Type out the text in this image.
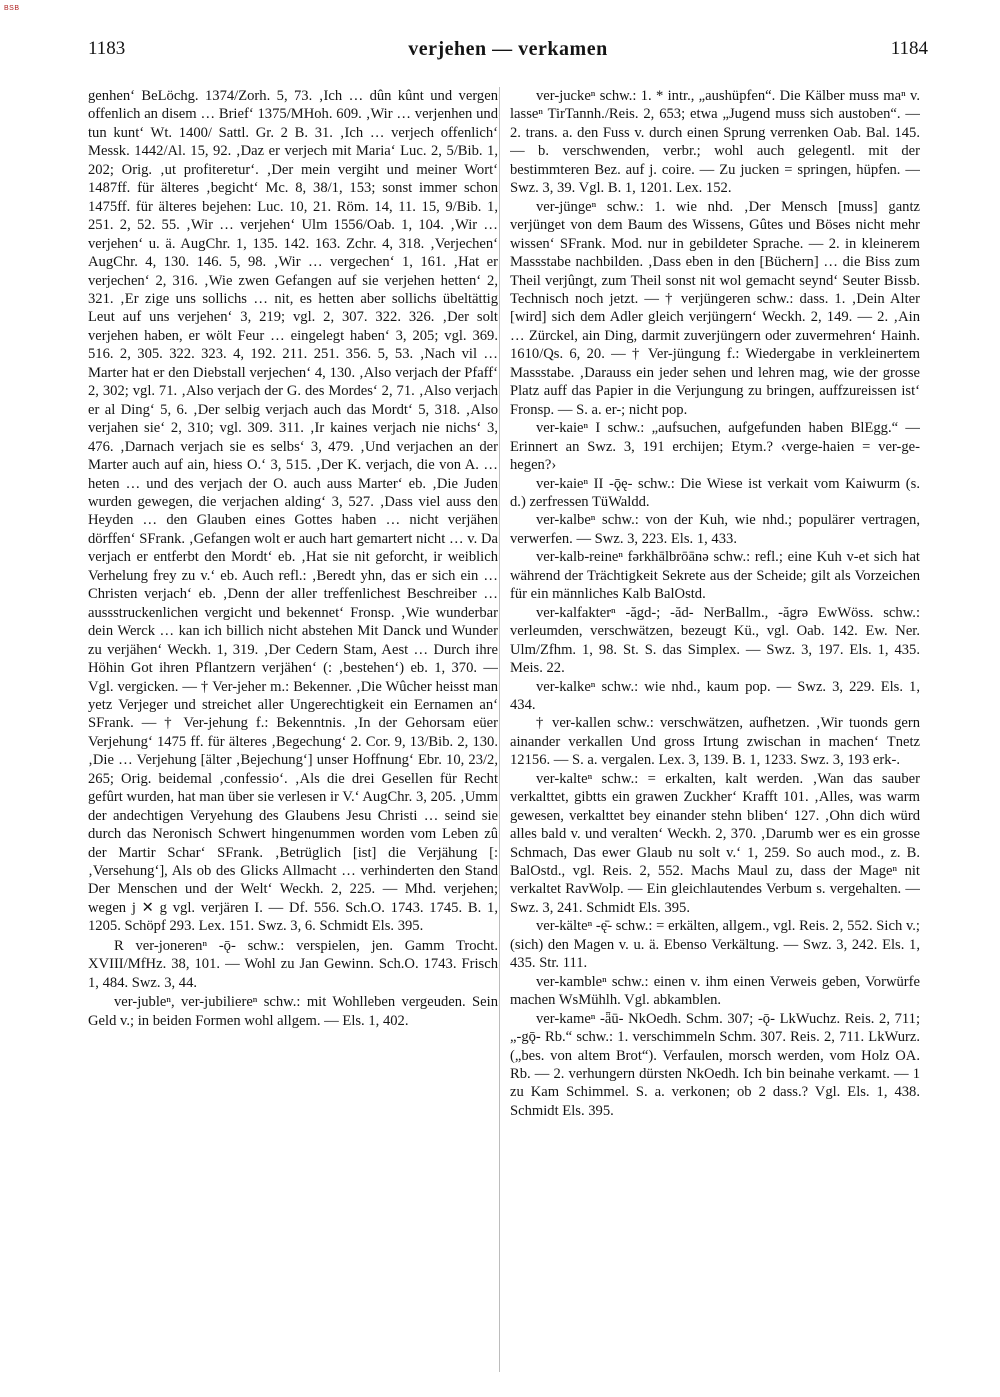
BSB
1183	verjehen — verkamen	1184

genhen‘ BeLöchg. 1374/Zorh. 5, 73. ‚Ich … dûn kûnt und vergen offenlich an disem … Brief‘ 1375/MHoh. 609. ‚Wir … verjenhen und tun kunt‘ Wt. 1400/ Sattl. Gr. 2 B. 31. ‚Ich … verjech offenlich‘ Messk. 1442/Al. 15, 92. ‚Daz er verjech mit Maria‘ Luc. 2, 5/Bib. 1, 202; Orig. ‚ut profiteretur‘. ‚Der mein vergiht und meiner Wort‘ 1487ff. für älteres ‚begicht‘ Mc. 8, 38/1, 153; sonst immer schon 1475ff. für älteres bejehen: Luc. 10, 21. Röm. 14, 11. 15, 9/Bib. 1, 251. 2, 52. 55. ‚Wir … verjehen‘ Ulm 1556/Oab. 1, 104. ‚Wir … verjehen‘ u. ä. AugChr. 1, 135. 142. 163. Zchr. 4, 318. ‚Verjechen‘ AugChr. 4, 130. 146. 5, 98. ‚Wir … vergechen‘ 1, 161. ‚Hat er verjechen‘ 2, 316. ‚Wie zwen Gefangen auf sie verjehen hetten‘ 2, 321. ‚Er zige uns sollichs … nit, es hetten aber sollichs übeltättig Leut auf uns verjehen‘ 3, 219; vgl. 2, 307. 322. 326. ‚Der solt verjehen haben, er wölt Feur … eingelegt haben‘ 3, 205; vgl. 369. 516. 2, 305. 322. 323. 4, 192. 211. 251. 356. 5, 53. ‚Nach vil … Marter hat er den Diebstall verjechen‘ 4, 130. ‚Also verjach der Pfaff‘ 2, 302; vgl. 71. ‚Also verjach der G. des Mordes‘ 2, 71. ‚Also verjach er al Ding‘ 5, 6. ‚Der selbig verjach auch das Mordt‘ 5, 318. ‚Also verjahen sie‘ 2, 310; vgl. 309. 311. ‚Ir kaines verjach nie nichs‘ 3, 476. ‚Darnach verjach sie es selbs‘ 3, 479. ‚Und verjachen an der Marter auch auf ain, hiess O.‘ 3, 515. ‚Der K. verjach, die von A. … heten … und des verjach der O. auch auss Marter‘ eb. ‚Die Juden wurden gewegen, die verjachen alding‘ 3, 527. ‚Dass viel auss den Heyden … den Glauben eines Gottes haben … nicht verjähen dörffen‘ SFrank. ‚Gefangen wolt er auch hart gemartert nicht … v. Da verjach er entferbt den Mordt‘ eb. ‚Hat sie nit geforcht, ir weiblich Verhelung frey zu v.‘ eb. Auch refl.: ‚Beredt yhn, das er sich ein … Christen verjach‘ eb. ‚Denn der aller treffenlichest Beschreiber … aussstruckenlichen vergicht und bekennet‘ Fronsp. ‚Wie wunderbar dein Werck … kan ich billich nicht abstehen Mit Danck und Wunder zu verjähen‘ Weckh. 1, 319. ‚Der Cedern Stam, Aest … Durch ihre Höhin Got ihren Pflantzern verjähen‘ (: ‚bestehen‘) eb. 1, 370. — Vgl. vergicken. — † Ver-jeher m.: Bekenner. ‚Die Wûcher heisst man yetz Verjeger und streichet aller Ungerechtigkeit ein Eernamen an‘ SFrank. — † Ver-jehung f.: Bekenntnis. ‚In der Gehorsam eüer Verjehung‘ 1475 ff. für älteres ‚Begechung‘ 2. Cor. 9, 13/Bib. 2, 130. ‚Die … Verjehung [älter ‚Bejechung‘] unser Hoffnung‘ Ebr. 10, 23/2, 265; Orig. beidemal ‚confessio‘. ‚Als die drei Gesellen für Recht gefûrt wurden, hat man über sie verlesen ir V.‘ AugChr. 3, 205. ‚Umm der andechtigen Veryehung des Glaubens Jesu Christi … seind sie durch das Neronisch Schwert hingenummen worden vom Leben zû der Martir Schar‘ SFrank. ‚Betrüglich [ist] die Verjähung [: ‚Versehung‘], Als ob des Glicks Allmacht … verhinderten den Stand Der Menschen und der Welt‘ Weckh. 2, 225. — Mhd. verjehen; wegen j ✕ g vgl. verjären I. — Df. 556. Sch.O. 1743. 1745. B. 1, 1205. Schöpf 293. Lex. 151. Swz. 3, 6. Schmidt Els. 395.

R ver-jonerenⁿ -ǭ- schw.: verspielen, jen. Gamm Trocht. XVIII/MfHz. 38, 101. — Wohl zu Jan Gewinn. Sch.O. 1743. Frisch 1, 484. Swz. 3, 44.

ver-jubleⁿ, ver-jubiliereⁿ schw.: mit Wohlleben vergeuden. Sein Geld v.; in beiden Formen wohl allgem. — Els. 1, 402.

ver-juckeⁿ schw.: 1. * intr., „aushüpfen“. Die Kälber muss maⁿ v. lasseⁿ TirTannh./Reis. 2, 653; etwa „Jugend muss sich austoben“. — 2. trans. a. den Fuss v. durch einen Sprung verrenken Oab. Bal. 145. — b. verschwenden, verbr.; wohl auch gelegentl. mit der bestimmteren Bez. auf j. coire. — Zu jucken = springen, hüpfen. — Swz. 3, 39. Vgl. B. 1, 1201. Lex. 152.

ver-jüngeⁿ schw.: 1. wie nhd. ‚Der Mensch [muss] gantz verjünget von dem Baum des Wissens, Gûtes und Böses nicht mehr wissen‘ SFrank. Mod. nur in gebildeter Sprache. — 2. in kleinerem Massstabe nachbilden. ‚Dass eben in den [Büchern] … die Biss zum Theil verjûngt, zum Theil sonst nit wol gemacht seynd‘ Seuter Bissb. Technisch noch jetzt. — † verjüngeren schw.: dass. 1. ‚Dein Alter [wird] sich dem Adler gleich verjüngern‘ Weckh. 2, 149. — 2. ‚Ain … Zürckel, ain Ding, darmit zuverjüngern oder zuvermehren‘ Hainh. 1610/Qs. 6, 20. — † Ver-jüngung f.: Wiedergabe in verkleinertem Massstabe. ‚Darauss ein jeder sehen und lehren mag, wie der grosse Platz auff das Papier in die Verjungung zu bringen, auffzureissen ist‘ Fronsp. — S. a. er-; nicht pop.

ver-kaieⁿ I schw.: „aufsuchen, aufgefunden haben BlEgg.“ — Erinnert an Swz. 3, 191 erchijen; Etym.? ‹verge-haien = ver-ge-hegen?›

ver-kaieⁿ II -ǭę- schw.: Die Wiese ist verkait vom Kaiwurm (s. d.) zerfressen TüWaldd.

ver-kalbeⁿ schw.: von der Kuh, wie nhd.; populärer vertragen, verwerfen. — Swz. 3, 223. Els. 1, 433.

ver-kalb-reineⁿ fərkhālbrōānə schw.: refl.; eine Kuh v-et sich hat während der Trächtigkeit Sekrete aus der Scheide; gilt als Vorzeichen für ein männliches Kalb BalOstd.

ver-kalfakterⁿ -ăgd-; -ăd- NerBallm., -ăgrə EwWöss. schw.: verleumden, verschwätzen, bezeugt Kü., vgl. Oab. 142. Ew. Ner. Ulm/Zfhm. 1, 98. St. S. das Simplex. — Swz. 3, 197. Els. 1, 435. Meis. 22.

ver-kalkeⁿ schw.: wie nhd., kaum pop. — Swz. 3, 229. Els. 1, 434.

† ver-kallen schw.: verschwätzen, aufhetzen. ‚Wir tuonds gern ainander verkallen Und gross Irtung zwischan in machen‘ Tnetz 12156. — S. a. vergalen. Lex. 3, 139. B. 1, 1233. Swz. 3, 193 erk-.

ver-kalteⁿ schw.: = erkalten, kalt werden. ‚Wan das sauber verkalttet, gibtts ein grawen Zuckher‘ Krafft 101. ‚Alles, was warm gewesen, verkalttet bey einander stehn bliben‘ 127. ‚Ohn dich würd alles bald v. und veralten‘ Weckh. 2, 370. ‚Darumb wer es ein grosse Schmach, Das ewer Glaub nu solt v.‘ 1, 259. So auch mod., z. B. BalOstd., vgl. Reis. 2, 552. Machs Maul zu, dass der Mageⁿ nit verkaltet RavWolp. — Ein gleichlautendes Verbum s. vergehalten. — Swz. 3, 241. Schmidt Els. 395.

ver-kälteⁿ -ę̄- schw.: = erkälten, allgem., vgl. Reis. 2, 552. Sich v.; (sich) den Magen v. u. ä. Ebenso Verkältung. — Swz. 3, 242. Els. 1, 435. Str. 111.

ver-kambleⁿ schw.: einen v. ihm einen Verweis geben, Vorwürfe machen WsMühlh. Vgl. abkamblen.

ver-kameⁿ -ǟū- NkOedh. Schm. 307; -ǭ- LkWuchz. Reis. 2, 711; „-gǭ- Rb.“ schw.: 1. verschimmeln Schm. 307. Reis. 2, 711. LkWurz. („bes. von altem Brot“). Verfaulen, morsch werden, vom Holz OA. Rb. — 2. verhungern dürsten NkOedh. Ich bin beinahe verkamt. — 1 zu Kam Schimmel. S. a. verkonen; ob 2 dass.? Vgl. Els. 1, 438. Schmidt Els. 395.
